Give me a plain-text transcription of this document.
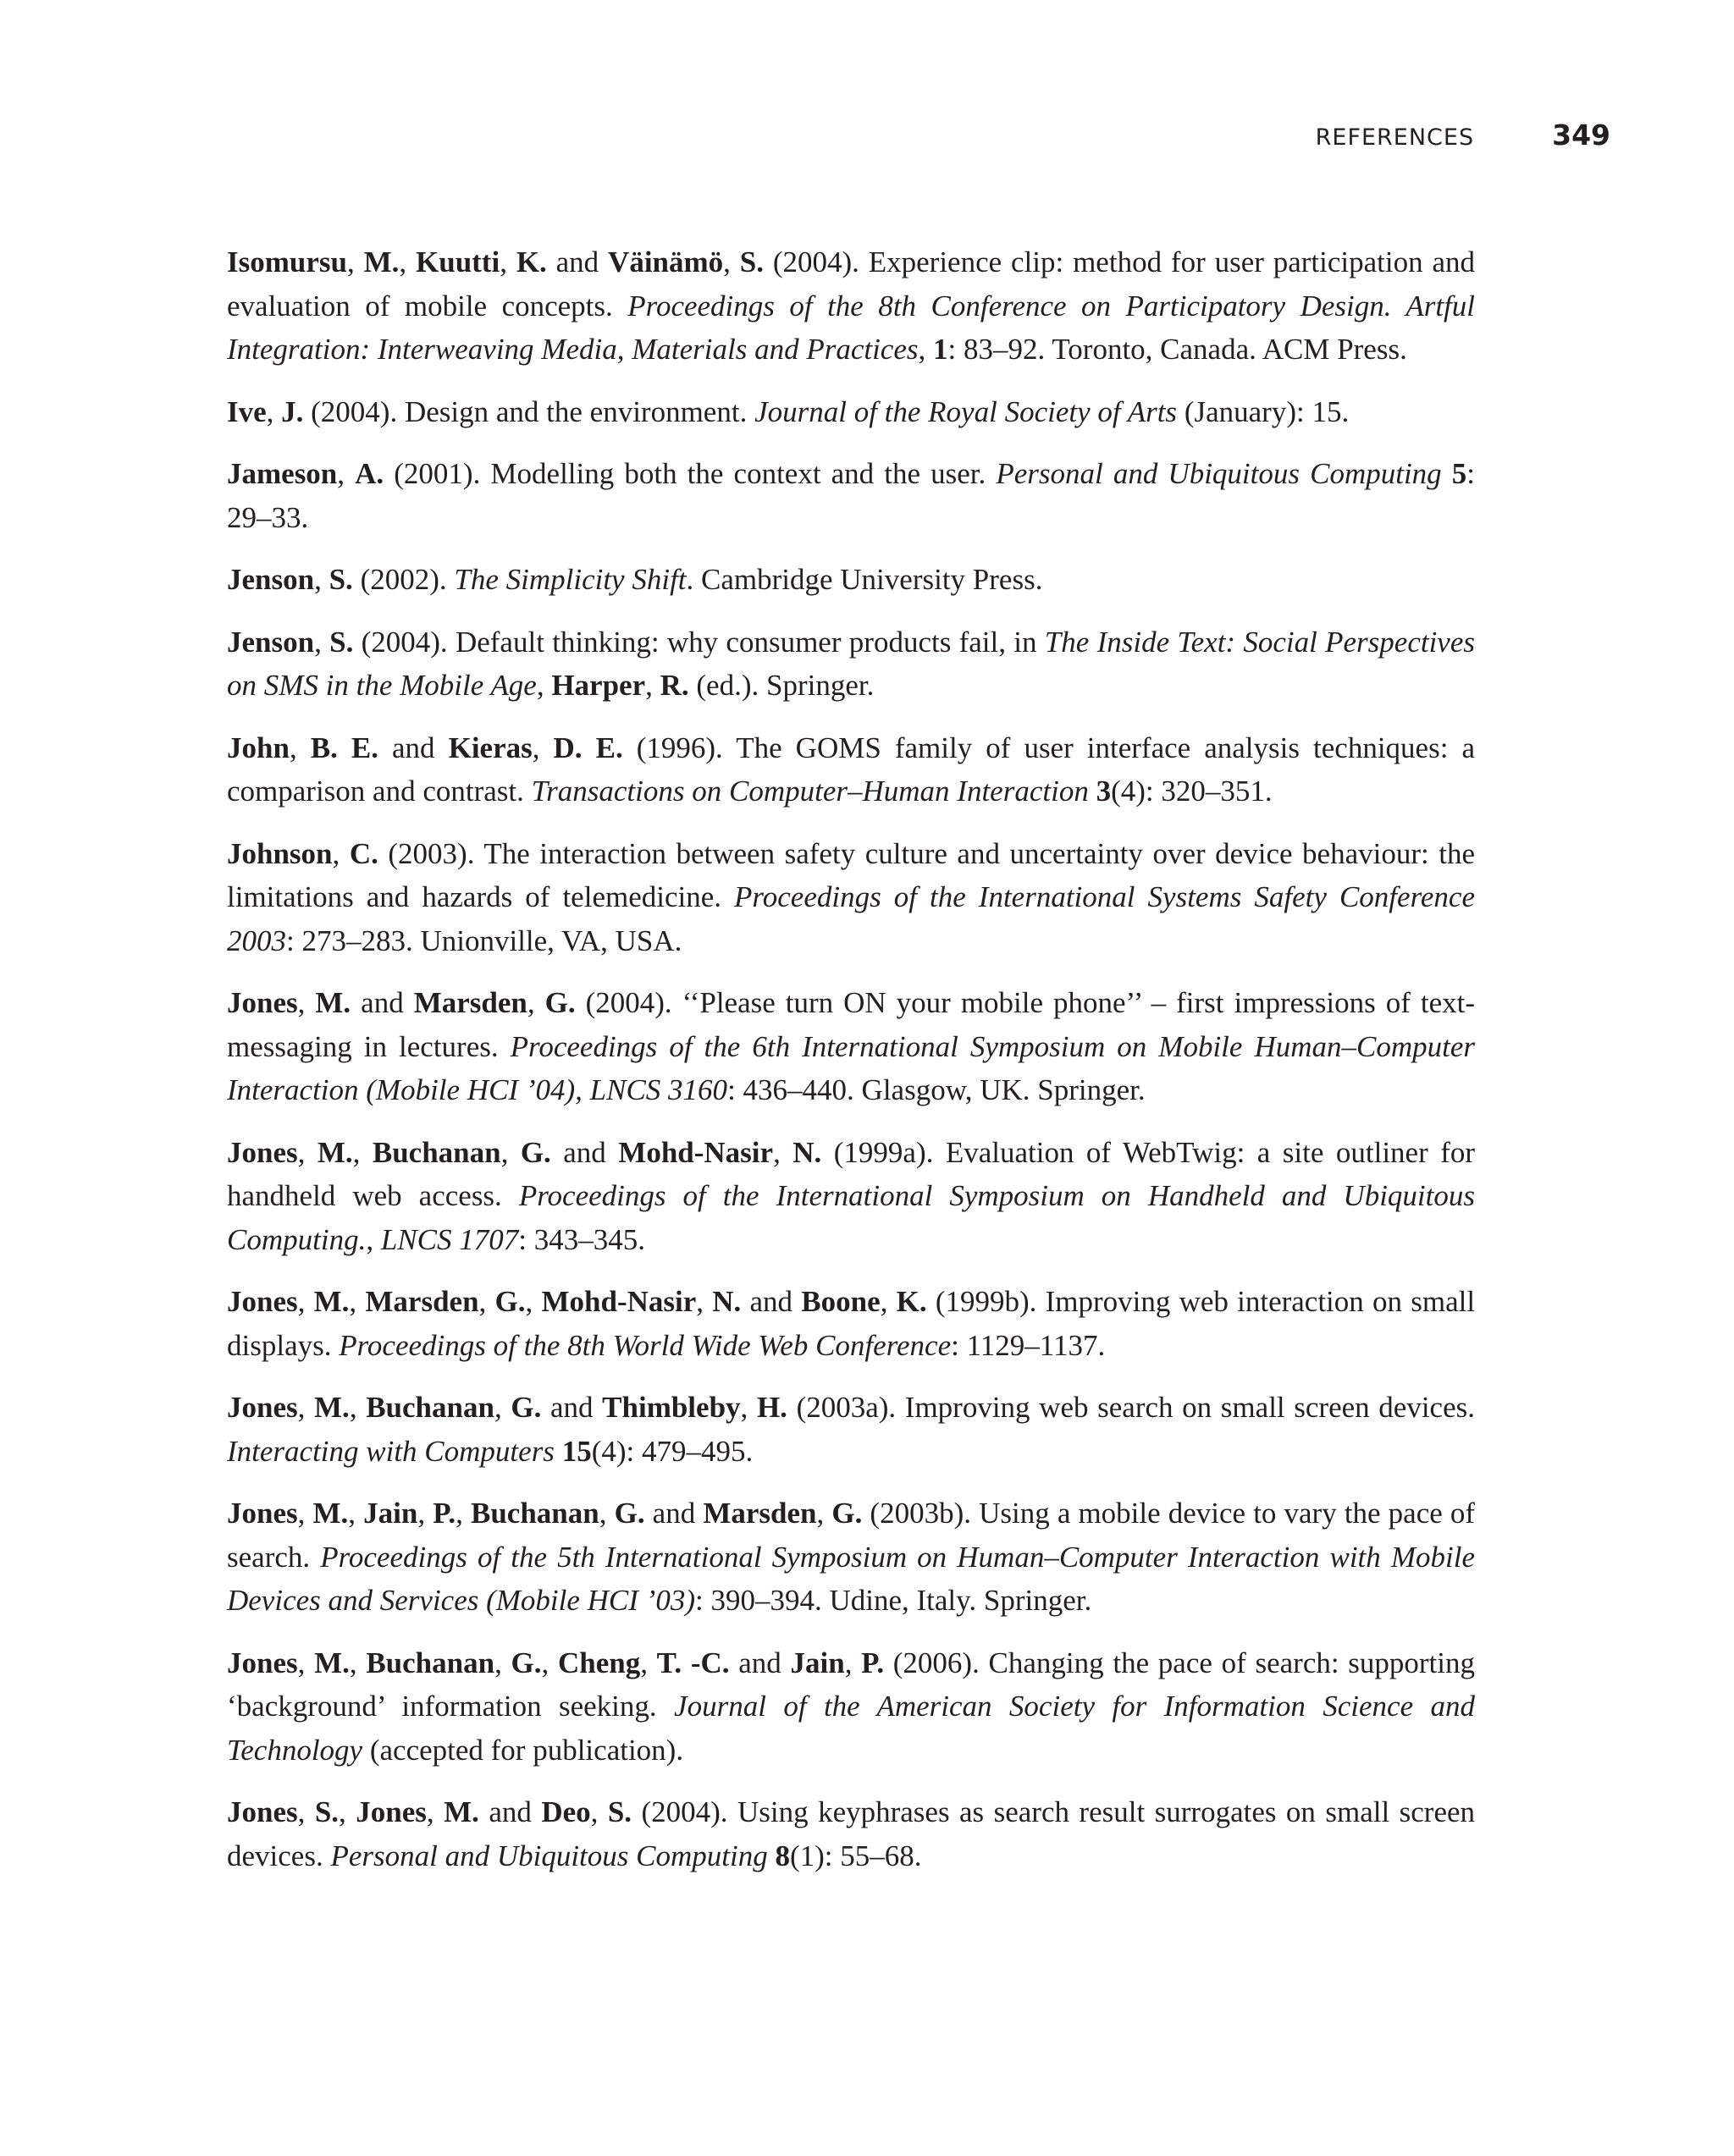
REFERENCES	349

Isomursu, M., Kuutti, K. and Väinämö, S. (2004). Experience clip: method for user participation and evaluation of mobile concepts. Proceedings of the 8th Conference on Participatory Design. Artful Integration: Interweaving Media, Materials and Practices, 1: 83–92. Toronto, Canada. ACM Press.

Ive, J. (2004). Design and the environment. Journal of the Royal Society of Arts (January): 15.

Jameson, A. (2001). Modelling both the context and the user. Personal and Ubiquitous Computing 5: 29–33.

Jenson, S. (2002). The Simplicity Shift. Cambridge University Press.

Jenson, S. (2004). Default thinking: why consumer products fail, in The Inside Text: Social Perspectives on SMS in the Mobile Age, Harper, R. (ed.). Springer.

John, B. E. and Kieras, D. E. (1996). The GOMS family of user interface analysis techniques: a comparison and contrast. Transactions on Computer–Human Interaction 3(4): 320–351.

Johnson, C. (2003). The interaction between safety culture and uncertainty over device behaviour: the limitations and hazards of telemedicine. Proceedings of the International Systems Safety Conference 2003: 273–283. Unionville, VA, USA.

Jones, M. and Marsden, G. (2004). ‘‘Please turn ON your mobile phone’’ – first impressions of text-messaging in lectures. Proceedings of the 6th International Symposium on Mobile Human–Computer Interaction (Mobile HCI ’04), LNCS 3160: 436–440. Glasgow, UK. Springer.

Jones, M., Buchanan, G. and Mohd-Nasir, N. (1999a). Evaluation of WebTwig: a site outliner for handheld web access. Proceedings of the International Symposium on Handheld and Ubiquitous Computing., LNCS 1707: 343–345.

Jones, M., Marsden, G., Mohd-Nasir, N. and Boone, K. (1999b). Improving web interaction on small displays. Proceedings of the 8th World Wide Web Conference: 1129–1137.

Jones, M., Buchanan, G. and Thimbleby, H. (2003a). Improving web search on small screen devices. Interacting with Computers 15(4): 479–495.

Jones, M., Jain, P., Buchanan, G. and Marsden, G. (2003b). Using a mobile device to vary the pace of search. Proceedings of the 5th International Symposium on Human–Computer Interaction with Mobile Devices and Services (Mobile HCI ’03): 390–394. Udine, Italy. Springer.

Jones, M., Buchanan, G., Cheng, T. -C. and Jain, P. (2006). Changing the pace of search: supporting ‘background’ information seeking. Journal of the American Society for Information Science and Technology (accepted for publication).

Jones, S., Jones, M. and Deo, S. (2004). Using keyphrases as search result surrogates on small screen devices. Personal and Ubiquitous Computing 8(1): 55–68.
